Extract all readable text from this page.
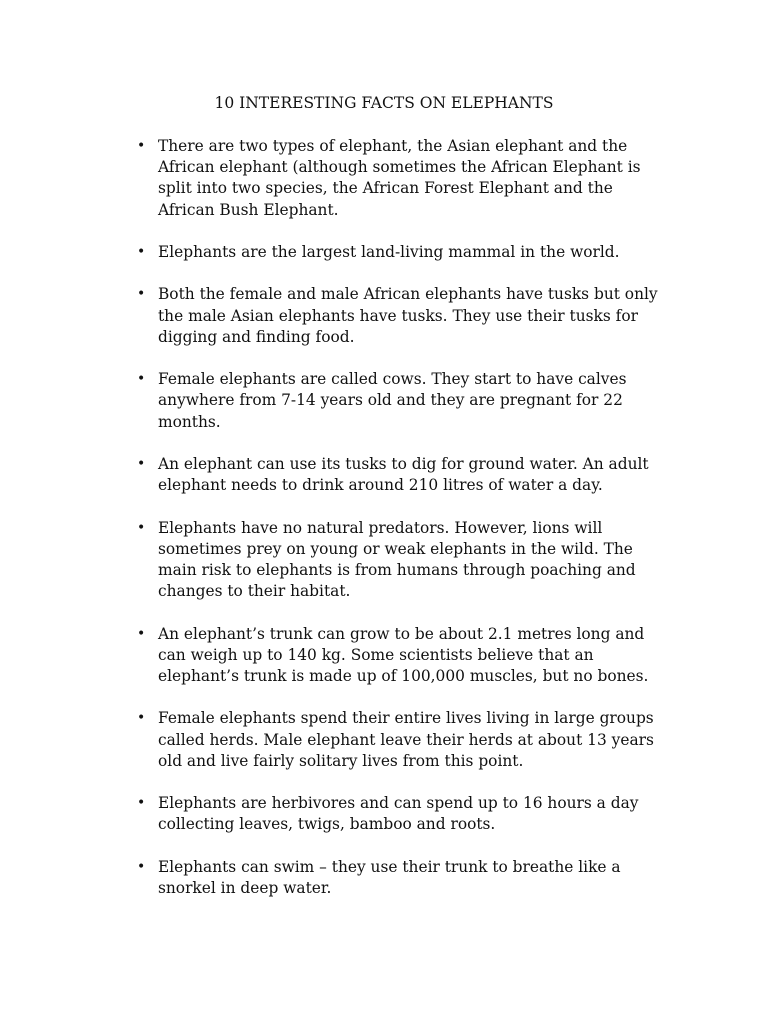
10 INTERESTING FACTS ON ELEPHANTS
• There are two types of elephant, the Asian elephant and the African elephant (although sometimes the African Elephant is split into two species, the African Forest Elephant and the African Bush Elephant.
• Elephants are the largest land-living mammal in the world.
• Both the female and male African elephants have tusks but only the male Asian elephants have tusks. They use their tusks for digging and finding food.
• Female elephants are called cows. They start to have calves anywhere from 7-14 years old and they are pregnant for 22 months.
• An elephant can use its tusks to dig for ground water. An adult elephant needs to drink around 210 litres of water a day.
• Elephants have no natural predators. However, lions will sometimes prey on young or weak elephants in the wild. The main risk to elephants is from humans through poaching and changes to their habitat.
• An elephant’s trunk can grow to be about 2.1 metres long and can weigh up to 140 kg. Some scientists believe that an elephant’s trunk is made up of 100,000 muscles, but no bones.
• Female elephants spend their entire lives living in large groups called herds. Male elephant leave their herds at about 13 years old and live fairly solitary lives from this point.
• Elephants are herbivores and can spend up to 16 hours a day collecting leaves, twigs, bamboo and roots.
• Elephants can swim – they use their trunk to breathe like a snorkel in deep water.
